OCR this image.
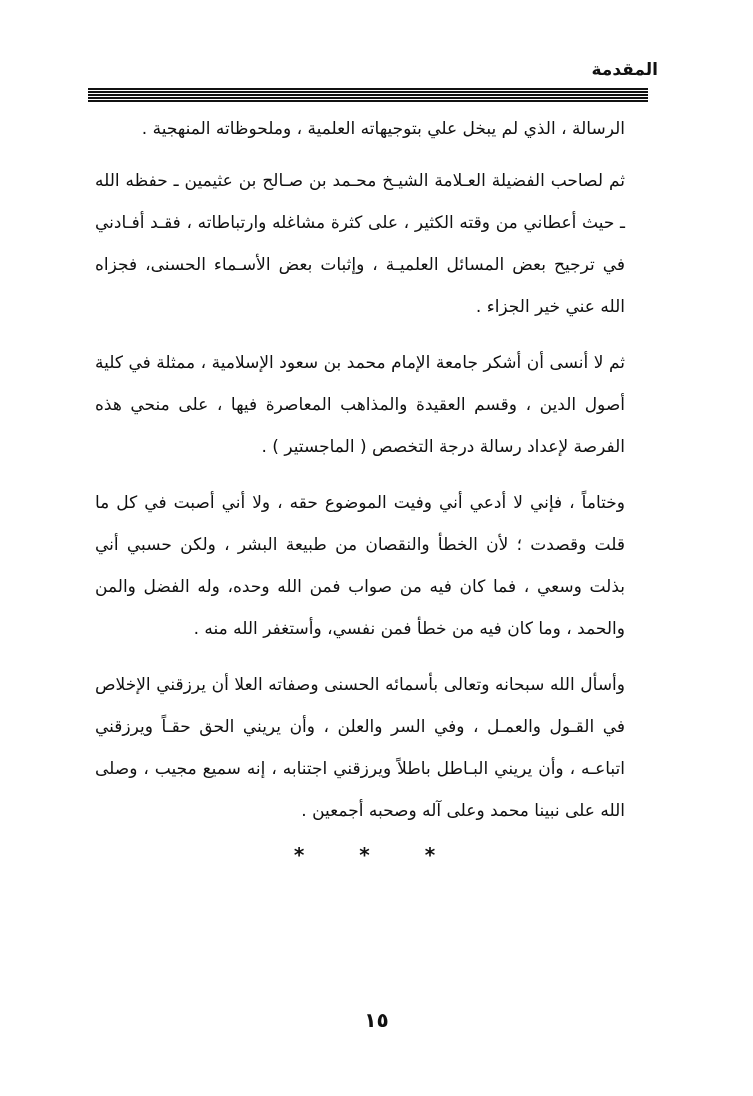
المقدمة

الرسالة ، الذي لم يبخل علي بتوجيهاته العلمية ، وملحوظاته المنهجية .

ثم لصاحب الفضيلة العـلامة الشيـخ محـمد بن صـالح بن عثيمين ـ حفظه الله ـ حيث أعطاني من وقته الكثير ، على كثرة مشاغله وارتباطاته ، فقـد أفـادني في ترجيح بعض المسائل العلميـة ، وإثبات بعض الأسـماء الحسنى، فجزاه الله عني خير الجزاء .

ثم لا أنسى أن أشكر جامعة الإمام محمد بن سعود الإسلامية ، ممثلة في كلية أصول الدين ، وقسم العقيدة والمذاهب المعاصرة فيها ، على منحي هذه الفرصة لإعداد رسالة درجة التخصص ( الماجستير ) .

وختاماً ، فإني لا أدعي أني وفيت الموضوع حقه ، ولا أني أصبت في كل ما قلت وقصدت ؛ لأن الخطأ والنقصان من طبيعة البشر ، ولكن حسبي أني بذلت وسعي ، فما كان فيه من صواب فمن الله وحده، وله الفضل والمن والحمد ، وما كان فيه من خطأ فمن نفسي، وأستغفر الله منه .

وأسأل الله سبحانه وتعالى بأسمائه الحسنى وصفاته العلا أن يرزقني الإخلاص في القـول والعمـل ، وفي السر والعلن ، وأن يريني الحق حقـاً ويرزقني اتباعـه ، وأن يريني البـاطل باطلاً ويرزقني اجتنابه ، إنه سميع مجيب ، وصلى الله على نبينا محمد وعلى آله وصحبه أجمعين .

* * *
١٥
